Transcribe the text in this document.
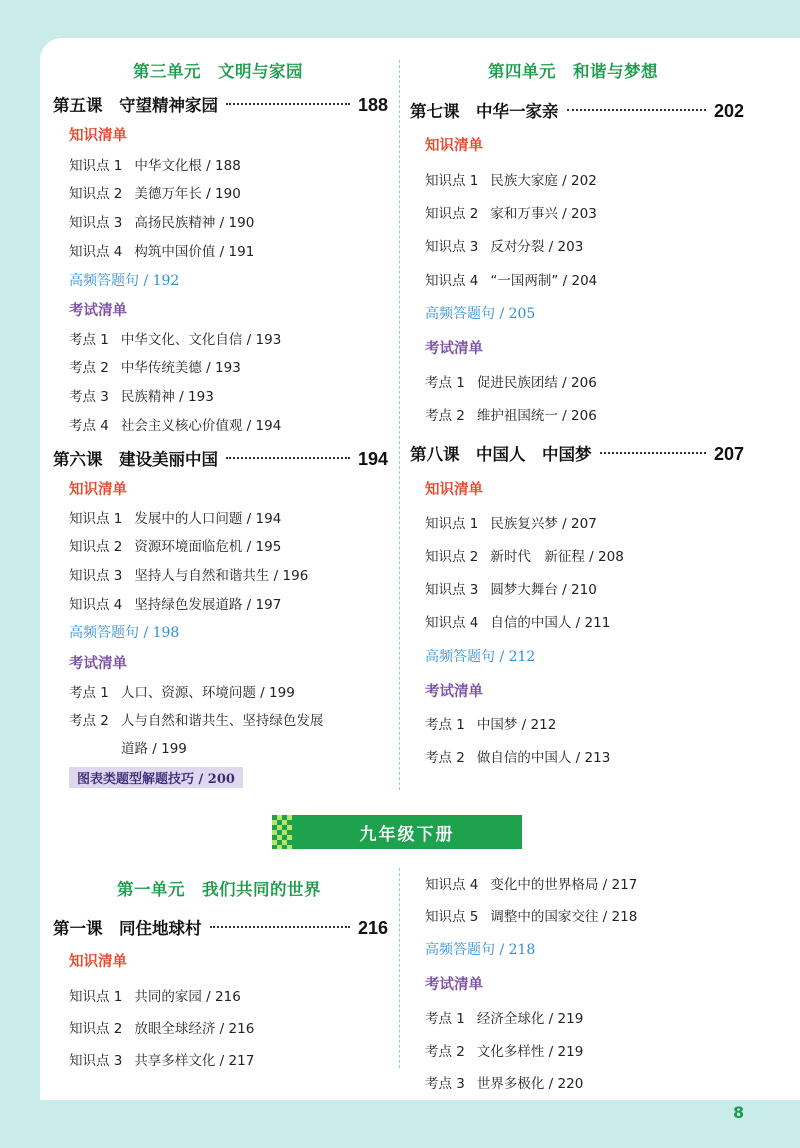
第三单元　文明与家园
第五课　守望精神家园	188
知识清单
知识点 1 中华文化根 / 188
知识点 2 美德万年长 / 190
知识点 3 高扬民族精神 / 190
知识点 4 构筑中国价值 / 191
高频答题句 / 192
考试清单
考点 1 中华文化、文化自信 / 193
考点 2 中华传统美德 / 193
考点 3 民族精神 / 193
考点 4 社会主义核心价值观 / 194
第六课　建设美丽中国	194
知识清单
知识点 1 发展中的人口问题 / 194
知识点 2 资源环境面临危机 / 195
知识点 3 坚持人与自然和谐共生 / 196
知识点 4 坚持绿色发展道路 / 197
高频答题句 / 198
考试清单
考点 1 人口、资源、环境问题 / 199
考点 2 人与自然和谐共生、坚持绿色发展
道路 / 199
图表类题型解题技巧 / 200
第四单元　和谐与梦想
第七课　中华一家亲	202
知识清单
知识点 1 民族大家庭 / 202
知识点 2 家和万事兴 / 203
知识点 3 反对分裂 / 203
知识点 4 “一国两制” / 204
高频答题句 / 205
考试清单
考点 1 促进民族团结 / 206
考点 2 维护祖国统一 / 206
第八课　中国人　中国梦	207
知识清单
知识点 1 民族复兴梦 / 207
知识点 2 新时代　新征程 / 208
知识点 3 圆梦大舞台 / 210
知识点 4 自信的中国人 / 211
高频答题句 / 212
考试清单
考点 1 中国梦 / 212
考点 2 做自信的中国人 / 213
九年级下册
第一单元　我们共同的世界
第一课　同住地球村	216
知识清单
知识点 1 共同的家园 / 216
知识点 2 放眼全球经济 / 216
知识点 3 共享多样文化 / 217
知识点 4 变化中的世界格局 / 217
知识点 5 调整中的国家交往 / 218
高频答题句 / 218
考试清单
考点 1 经济全球化 / 219
考点 2 文化多样性 / 219
考点 3 世界多极化 / 220
8
